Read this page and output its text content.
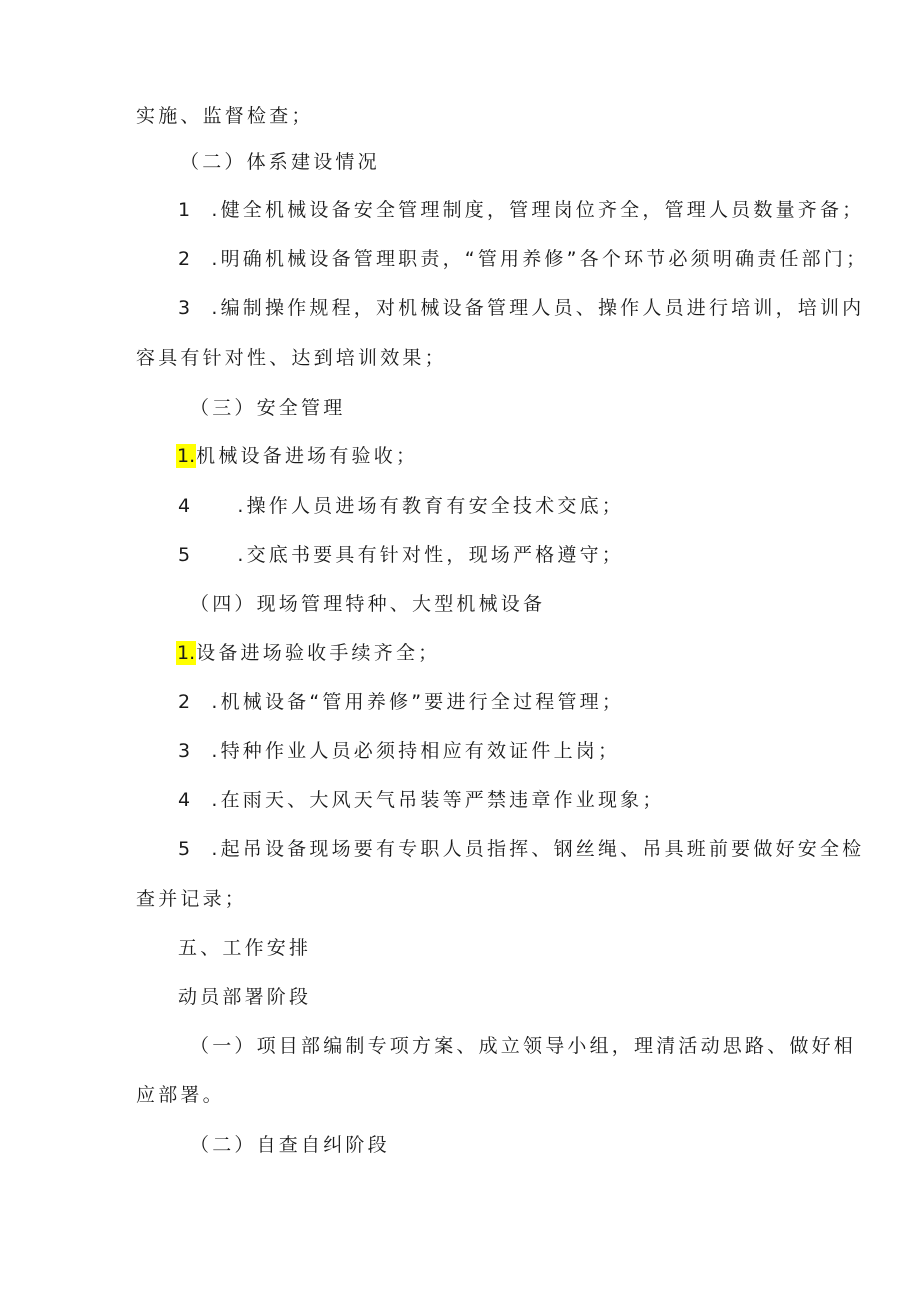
实施、监督检查；
（二）体系建设情况
1 .健全机械设备安全管理制度，管理岗位齐全，管理人员数量齐备；
2 .明确机械设备管理职责，“管用养修”各个环节必须明确责任部门；
3 .编制操作规程，对机械设备管理人员、操作人员进行培训，培训内
容具有针对性、达到培训效果；
（三）安全管理
1.机械设备进场有验收；
4 .操作人员进场有教育有安全技术交底；
5 .交底书要具有针对性，现场严格遵守；
（四）现场管理特种、大型机械设备
1.设备进场验收手续齐全；
2 .机械设备“管用养修”要进行全过程管理；
3 .特种作业人员必须持相应有效证件上岗；
4 .在雨天、大风天气吊装等严禁违章作业现象；
5 .起吊设备现场要有专职人员指挥、钢丝绳、吊具班前要做好安全检
查并记录；
五、工作安排
动员部署阶段
（一）项目部编制专项方案、成立领导小组，理清活动思路、做好相
应部署。
（二）自查自纠阶段
